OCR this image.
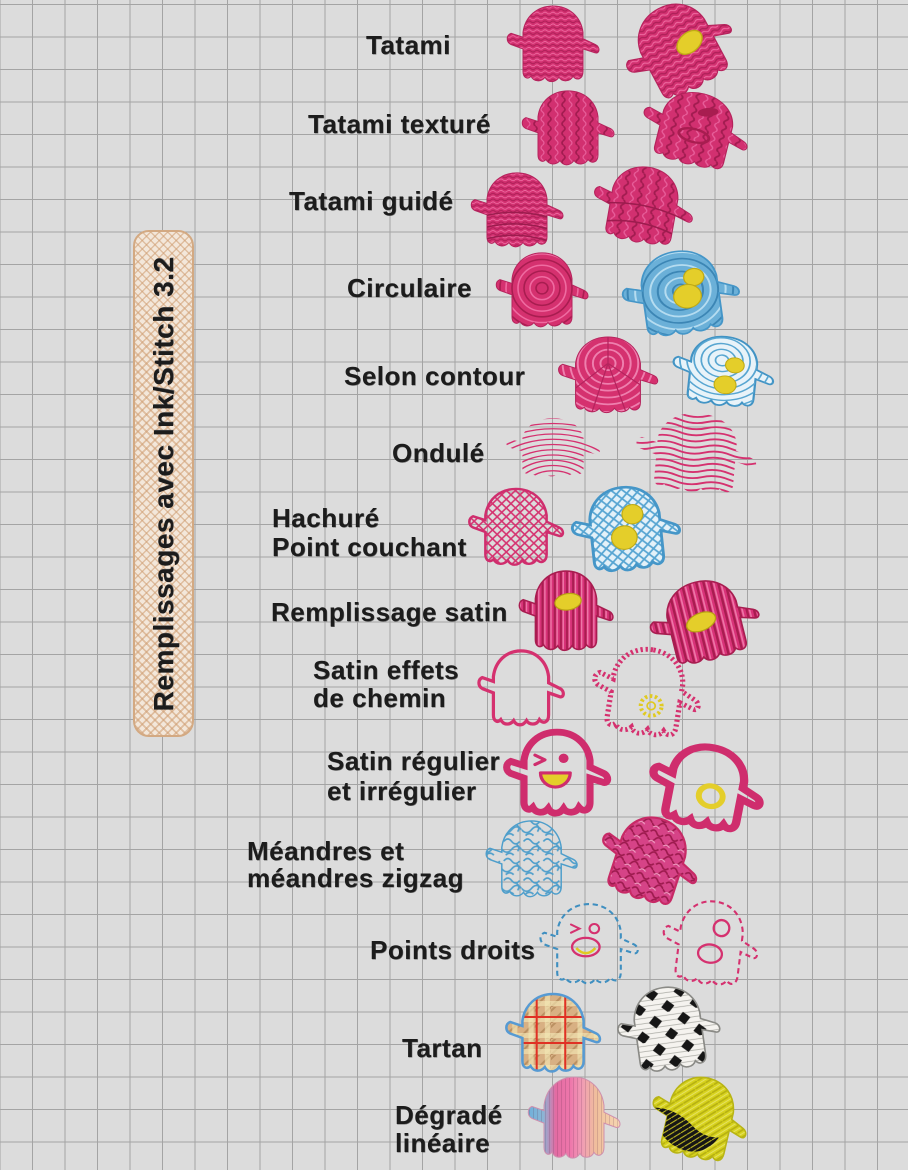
Remplissages avec Ink/Stitch 3.2
Tatami
Tatami texturé
Tatami guidé
Circulaire
Selon contour
Ondulé
Hachuré
Point couchant
Remplissage satin
Satin effets
de chemin
Satin régulier
et irrégulier
Méandres et
méandres zigzag
Points droits
Tartan
Dégradé
linéaire
